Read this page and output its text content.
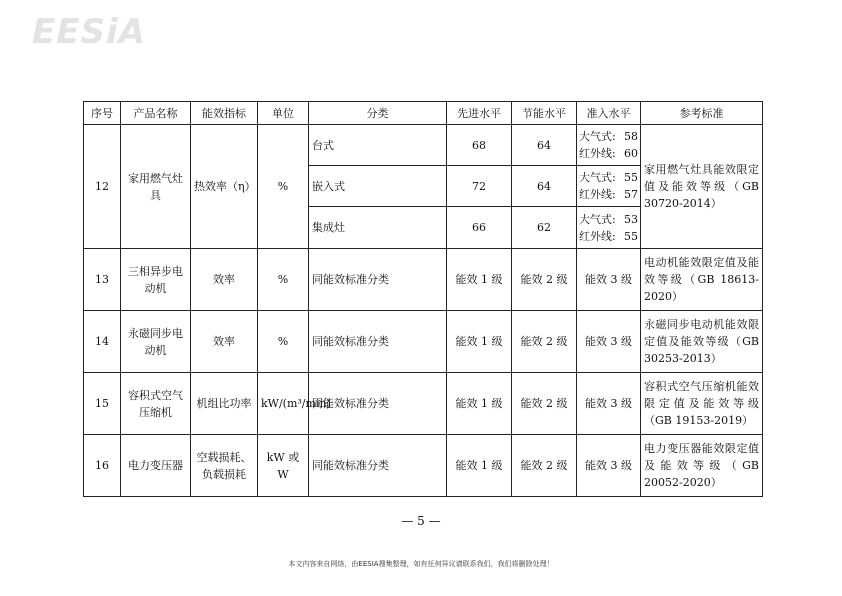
EESiA
序号	产品名称	能效指标	单位	分类	先进水平	节能水平	准入水平	参考标准
12	家用燃气灶具	热效率（η）	%	台式	68	64	大气式: 58
红外线: 60	家用燃气灶具能效限定值及能效等级（GB 30720-2014）
				嵌入式	72	64	大气式: 55
红外线: 57	

				集成灶	66	62	大气式: 53
红外线: 55	

13	三相异步电动机	效率	%	同能效标准分类	能效 1 级	能效 2 级	能效 3 级	电动机能效限定值及能效等级（GB 18613-2020）
14	永磁同步电动机	效率	%	同能效标准分类	能效 1 级	能效 2 级	能效 3 级	永磁同步电动机能效限定值及能效等级（GB 30253-2013）
15	容积式空气压缩机	机组比功率	kW/(m³/min)	同能效标准分类	能效 1 级	能效 2 级	能效 3 级	容积式空气压缩机能效限定值及能效等级（GB 19153-2019）
16	电力变压器	空载损耗、负载损耗	kW 或 W	同能效标准分类	能效 1 级	能效 2 级	能效 3 级	电力变压器能效限定值及能效等级（GB 20052-2020）
— 5 —
本文内容来自网络，由EESIA搜集整理，如有任何异议请联系我们，我们将删除处理！
